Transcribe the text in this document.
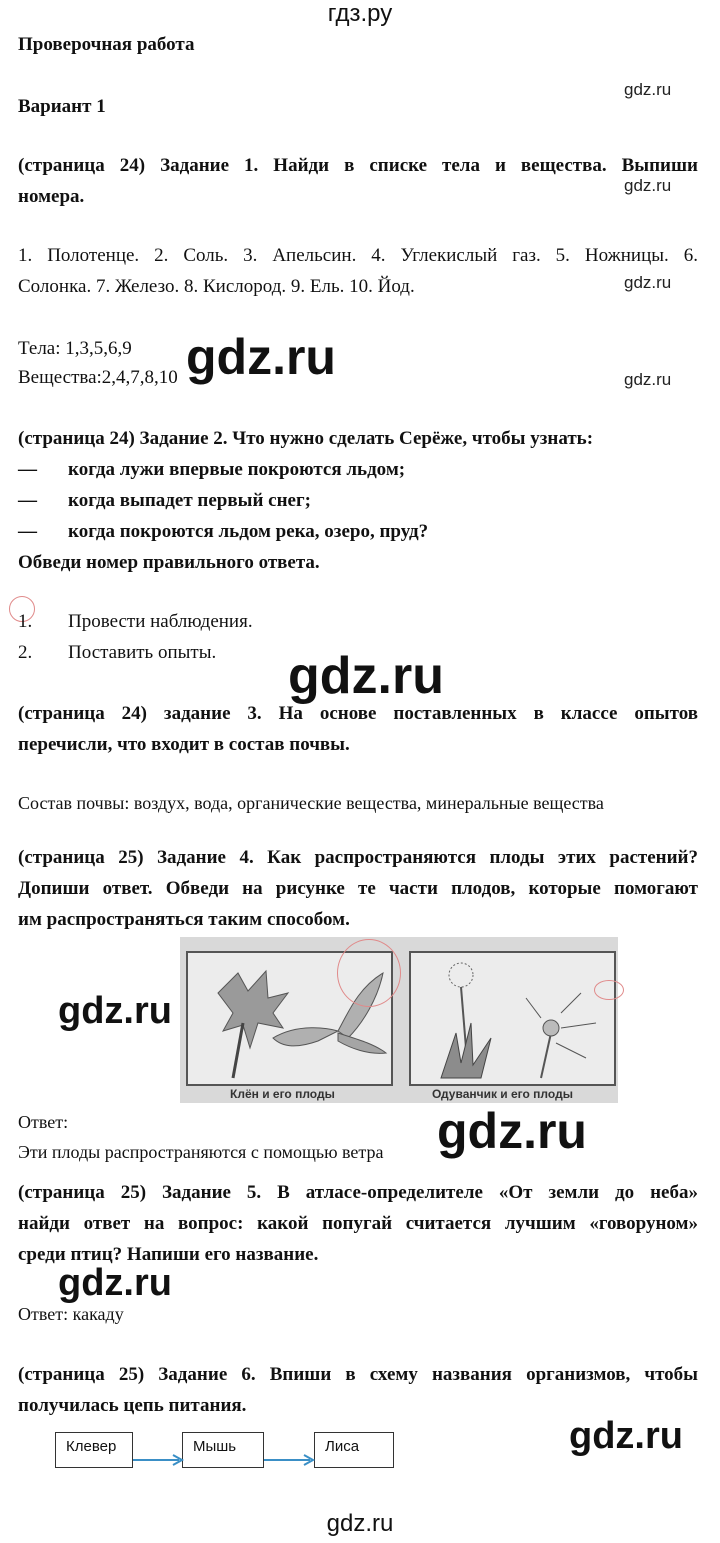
гдз.ру
Проверочная работа
gdz.ru
Вариант 1
(страница 24) Задание 1. Найди в списке тела и вещества. Выпиши
gdz.ru
номера.
1. Полотенце. 2. Соль. 3. Апельсин. 4. Углекислый газ. 5. Ножницы. 6.
Солонка. 7. Железо. 8. Кислород. 9. Ель. 10. Йод.	gdz.ru
Тела: 1,3,5,6,9
Вещества:2,4,7,8,10 gdz.ru	gdz.ru
(страница 24) Задание 2. Что нужно сделать Серёже, чтобы узнать:
— когда лужи впервые покроются льдом;
— когда выпадет первый снег;
— когда покроются льдом река, озеро, пруд?
Обведи номер правильного ответа.
1. Провести наблюдения.
2. Поставить опыты. gdz.ru
(страница 24) задание 3. На основе поставленных в классе опытов
перечисли, что входит в состав почвы.
Состав почвы: воздух, вода, органические вещества, минеральные вещества
(страница 25) Задание 4. Как распространяются плоды этих растений?
Допиши ответ. Обведи на рисунке те части плодов, которые помогают
им распространяться таким способом.
Клён и его плоды	Одуванчик и его плоды
gdz.ru
Ответ:
Эти плоды распространяются с помощью ветра gdz.ru
(страница 25) Задание 5. В атласе-определителе «От земли до неба»
найди ответ на вопрос: какой попугай считается лучшим «говоруном»
среди птиц? Напиши его название.
gdz.ru
Ответ: какаду
(страница 25) Задание 6. Впиши в схему названия организмов, чтобы
получилась цепь питания.
gdz.ru
Клевер	Мышь	Лиса
gdz.ru
